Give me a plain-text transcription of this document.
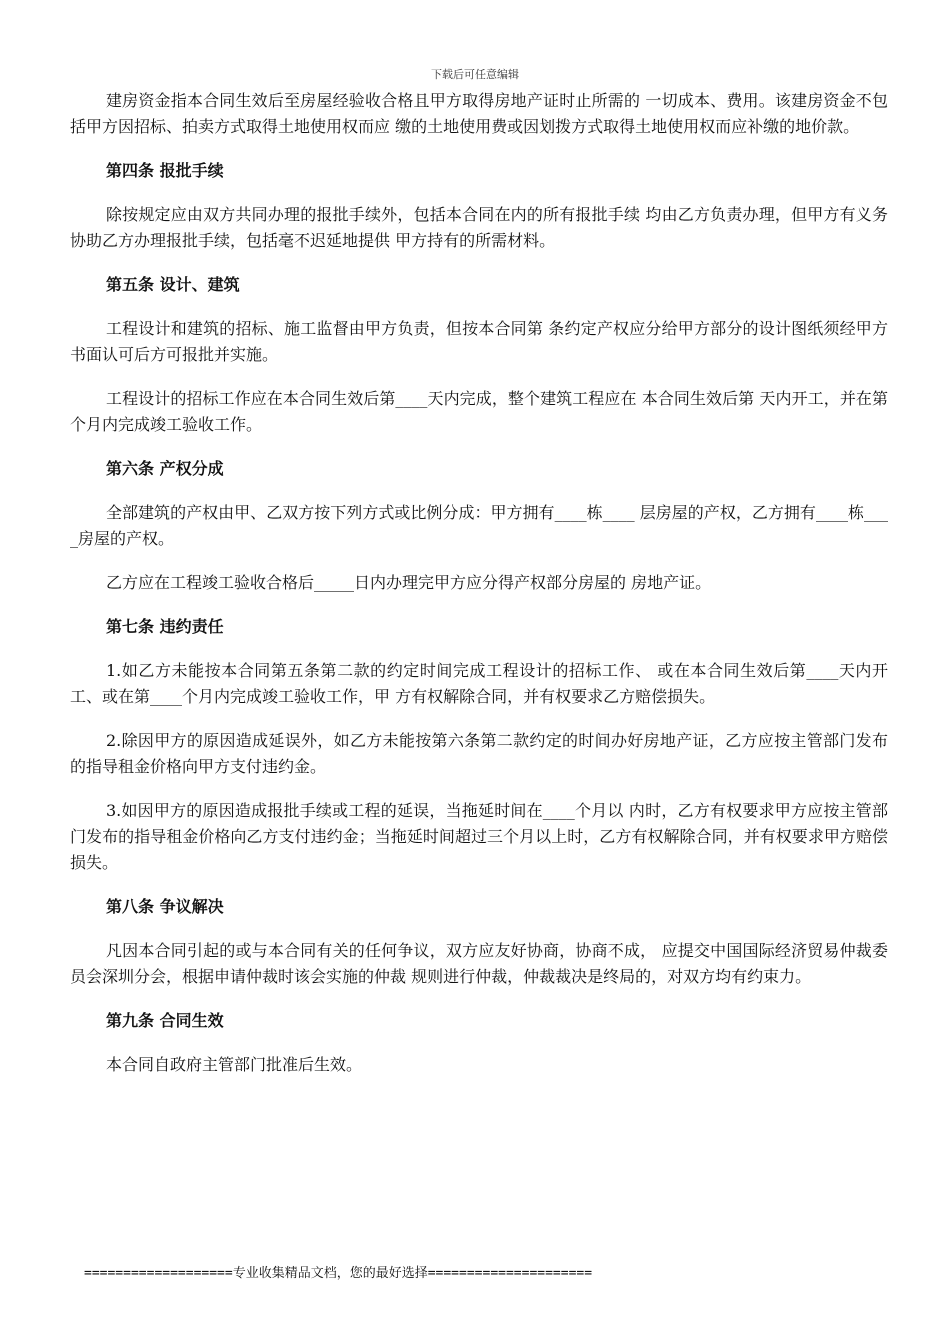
下载后可任意编辑

建房资金指本合同生效后至房屋经验收合格且甲方取得房地产证时止所需的 一切成本、费用。该建房资金不包括甲方因招标、拍卖方式取得土地使用权而应 缴的土地使用费或因划拨方式取得土地使用权而应补缴的地价款。

第四条 报批手续

除按规定应由双方共同办理的报批手续外，包括本合同在内的所有报批手续 均由乙方负责办理，但甲方有义务协助乙方办理报批手续，包括毫不迟延地提供 甲方持有的所需材料。

第五条 设计、建筑

工程设计和建筑的招标、施工监督由甲方负责，但按本合同第 条约定产权应分给甲方部分的设计图纸须经甲方书面认可后方可报批并实施。

工程设计的招标工作应在本合同生效后第____天内完成，整个建筑工程应在 本合同生效后第 天内开工，并在第 个月内完成竣工验收工作。

第六条 产权分成

全部建筑的产权由甲、乙双方按下列方式或比例分成：甲方拥有____栋____ 层房屋的产权，乙方拥有____栋____房屋的产权。

乙方应在工程竣工验收合格后_____日内办理完甲方应分得产权部分房屋的 房地产证。

第七条 违约责任

1.如乙方未能按本合同第五条第二款的约定时间完成工程设计的招标工作、 或在本合同生效后第____天内开工、或在第____个月内完成竣工验收工作，甲 方有权解除合同，并有权要求乙方赔偿损失。

2.除因甲方的原因造成延误外，如乙方未能按第六条第二款约定的时间办好房地产证，乙方应按主管部门发布的指导租金价格向甲方支付违约金。

3.如因甲方的原因造成报批手续或工程的延误，当拖延时间在____个月以 内时，乙方有权要求甲方应按主管部门发布的指导租金价格向乙方支付违约金；当拖延时间超过三个月以上时，乙方有权解除合同，并有权要求甲方赔偿损失。

第八条 争议解决

凡因本合同引起的或与本合同有关的任何争议，双方应友好协商，协商不成， 应提交中国国际经济贸易仲裁委员会深圳分会，根据申请仲裁时该会实施的仲裁 规则进行仲裁，仲裁裁决是终局的，对双方均有约束力。

第九条 合同生效

本合同自政府主管部门批准后生效。

===================专业收集精品文档，您的最好选择=====================
